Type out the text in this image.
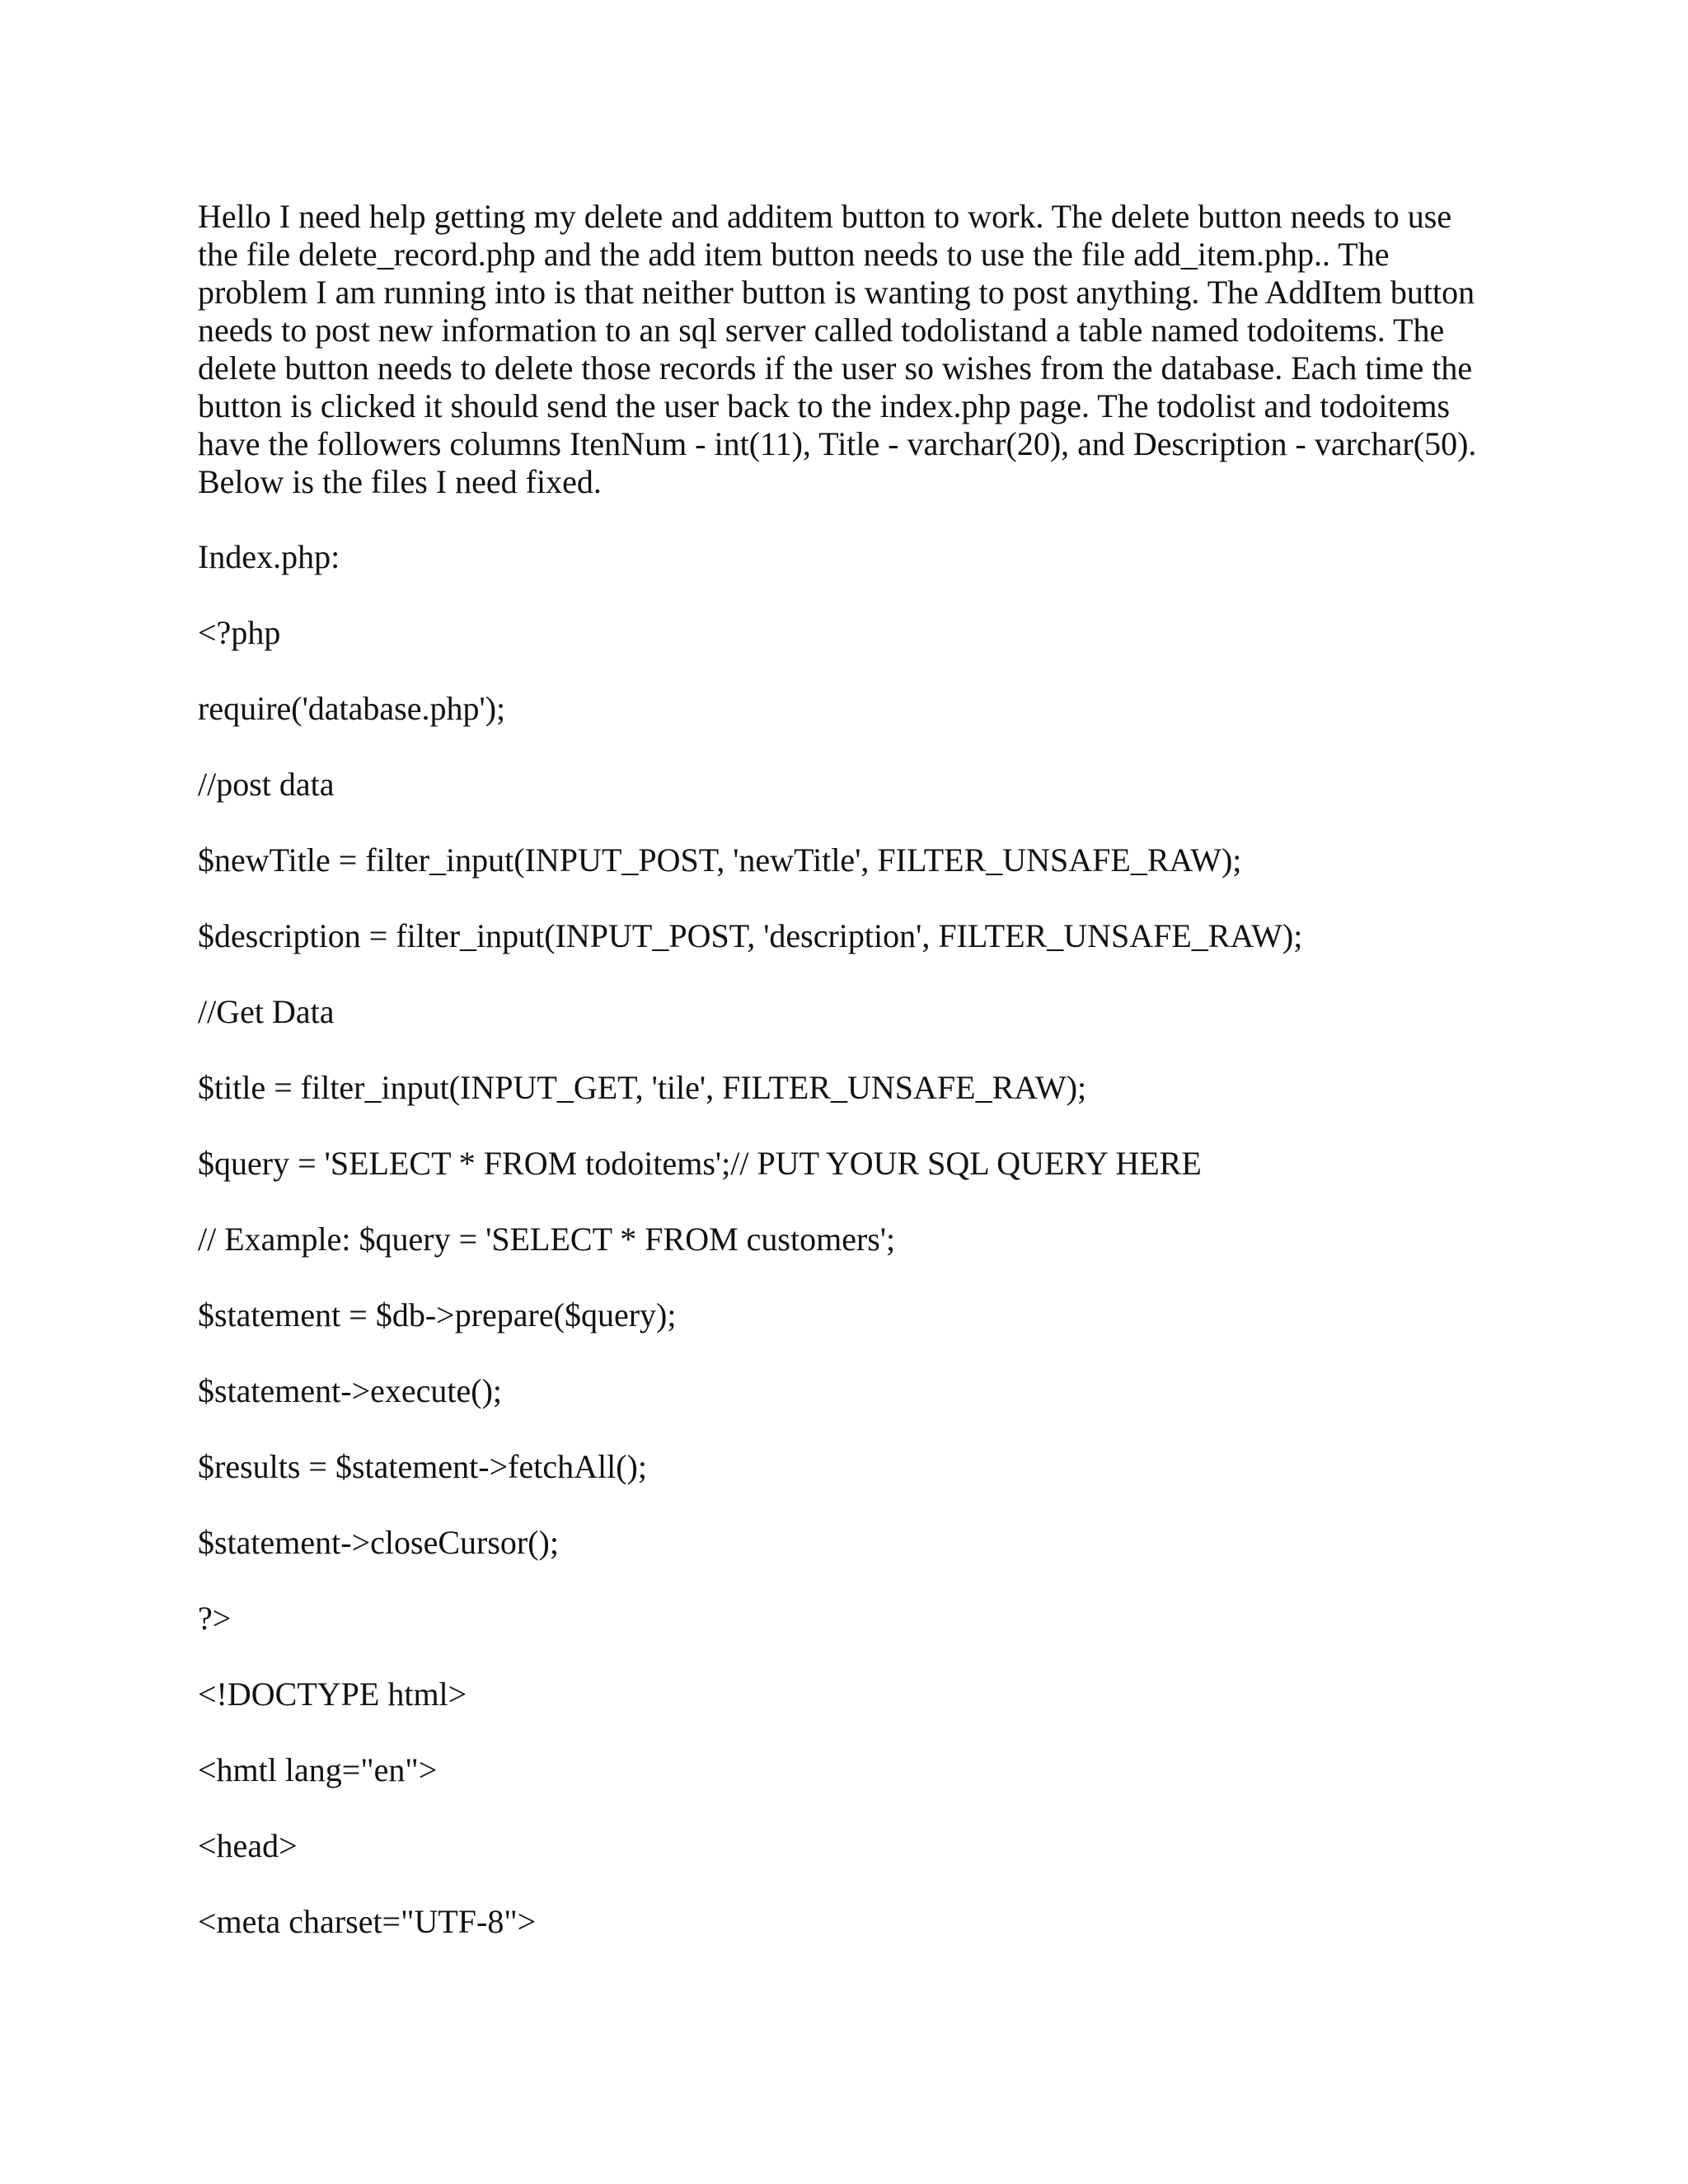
Hello I need help getting my delete and additem button to work. The delete button needs to use
the file delete_record.php and the add item button needs to use the file add_item.php.. The
problem I am running into is that neither button is wanting to post anything. The AddItem button
needs to post new information to an sql server called todolistand a table named todoitems. The
delete button needs to delete those records if the user so wishes from the database. Each time the
button is clicked it should send the user back to the index.php page. The todolist and todoitems
have the followers columns ItenNum - int(11), Title - varchar(20), and Description - varchar(50).
Below is the files I need fixed.
Index.php:
<?php
require('database.php');
//post data
$newTitle = filter_input(INPUT_POST, 'newTitle', FILTER_UNSAFE_RAW);
$description = filter_input(INPUT_POST, 'description', FILTER_UNSAFE_RAW);
//Get Data
$title = filter_input(INPUT_GET, 'tile', FILTER_UNSAFE_RAW);
$query = 'SELECT * FROM todoitems';// PUT YOUR SQL QUERY HERE
// Example: $query = 'SELECT * FROM customers';
$statement = $db->prepare($query);
$statement->execute();
$results = $statement->fetchAll();
$statement->closeCursor();
?>
<!DOCTYPE html>
<hmtl lang="en">
<head>
<meta charset="UTF-8">
